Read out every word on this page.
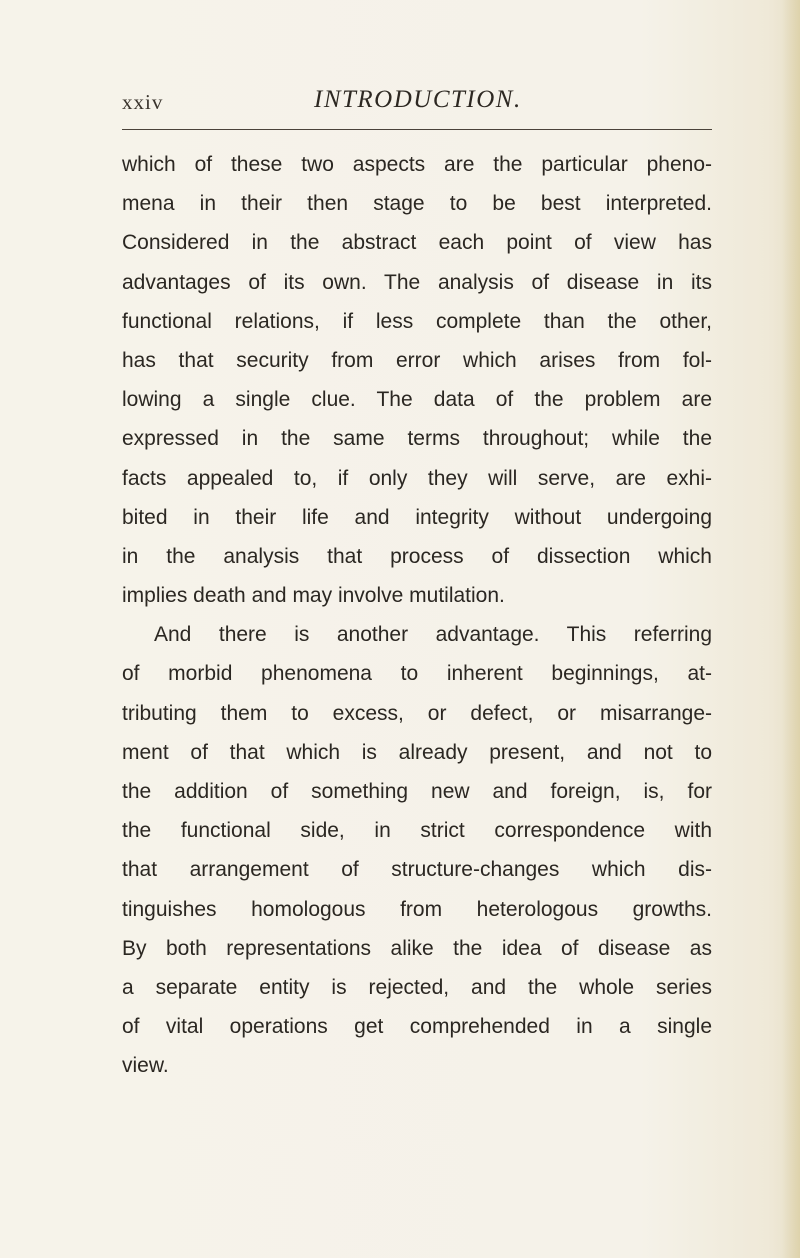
xxiv	INTRODUCTION.
which of these two aspects are the particular pheno-
mena in their then stage to be best interpreted.
Considered in the abstract each point of view has
advantages of its own. The analysis of disease in its
functional relations, if less complete than the other,
has that security from error which arises from fol-
lowing a single clue. The data of the problem are
expressed in the same terms throughout; while the
facts appealed to, if only they will serve, are exhi-
bited in their life and integrity without undergoing
in the analysis that process of dissection which
implies death and may involve mutilation.
And there is another advantage. This referring
of morbid phenomena to inherent beginnings, at-
tributing them to excess, or defect, or misarrange-
ment of that which is already present, and not to
the addition of something new and foreign, is, for
the functional side, in strict correspondence with
that arrangement of structure-changes which dis-
tinguishes homologous from heterologous growths.
By both representations alike the idea of disease as
a separate entity is rejected, and the whole series
of vital operations get comprehended in a single
view.
